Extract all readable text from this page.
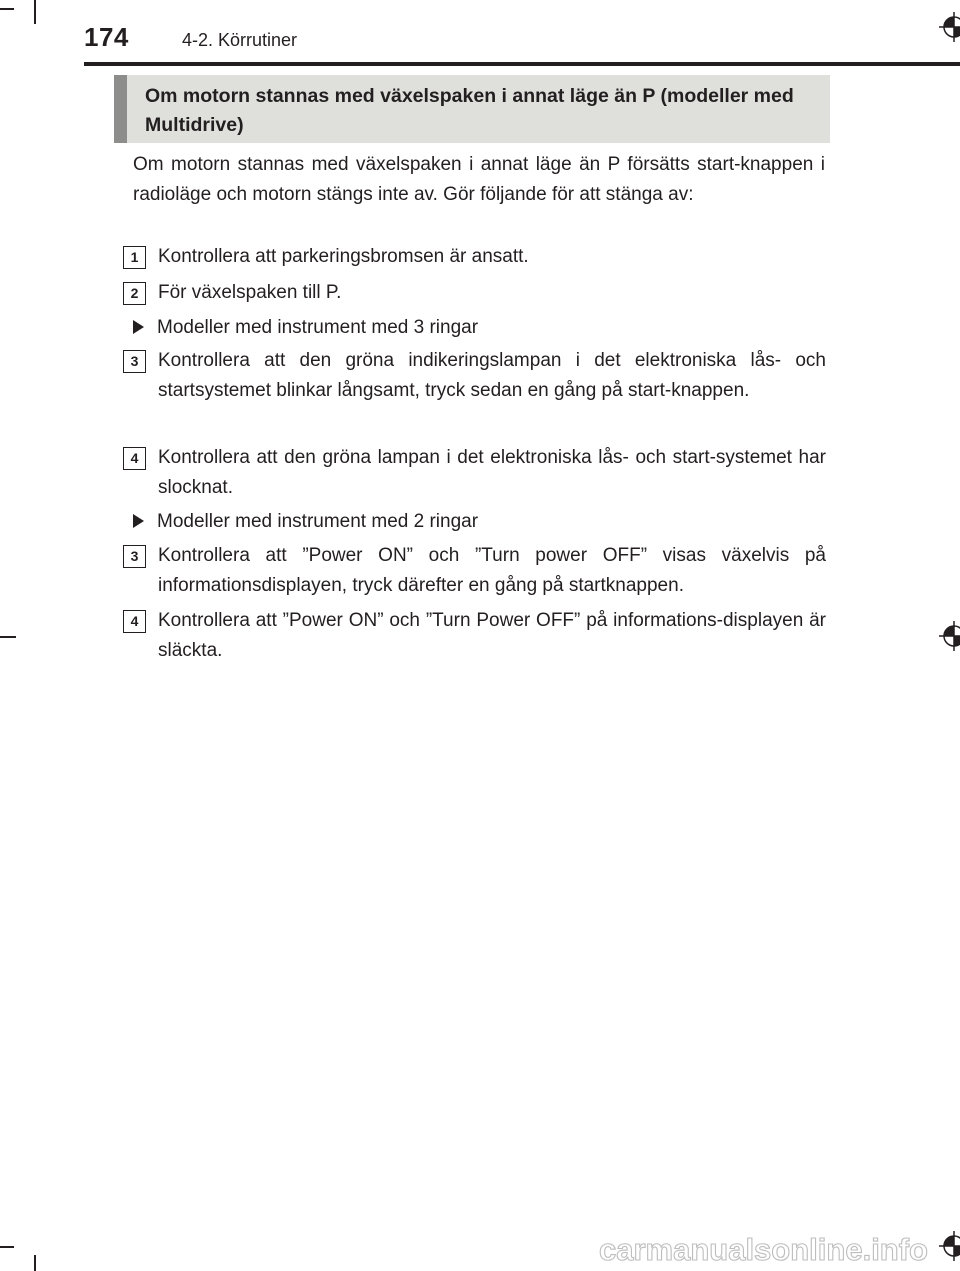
174	4-2. Körrutiner
Om motorn stannas med växelspaken i annat läge än P (modeller med Multidrive)
Om motorn stannas med växelspaken i annat läge än P försätts start-knappen i radioläge och motorn stängs inte av. Gör följande för att stänga av:
1	Kontrollera att parkeringsbromsen är ansatt.
2	För växelspaken till P.
Modeller med instrument med 3 ringar
3	Kontrollera att den gröna indikeringslampan i det elektroniska lås- och startsystemet blinkar långsamt, tryck sedan en gång på start-knappen.
4	Kontrollera att den gröna lampan i det elektroniska lås- och start-systemet har slocknat.
Modeller med instrument med 2 ringar
3	Kontrollera att ”Power ON” och ”Turn power OFF” visas växelvis på informationsdisplayen, tryck därefter en gång på startknappen.
4	Kontrollera att ”Power ON” och ”Turn Power OFF” på informations-displayen är släckta.
carmanualsonline.info
